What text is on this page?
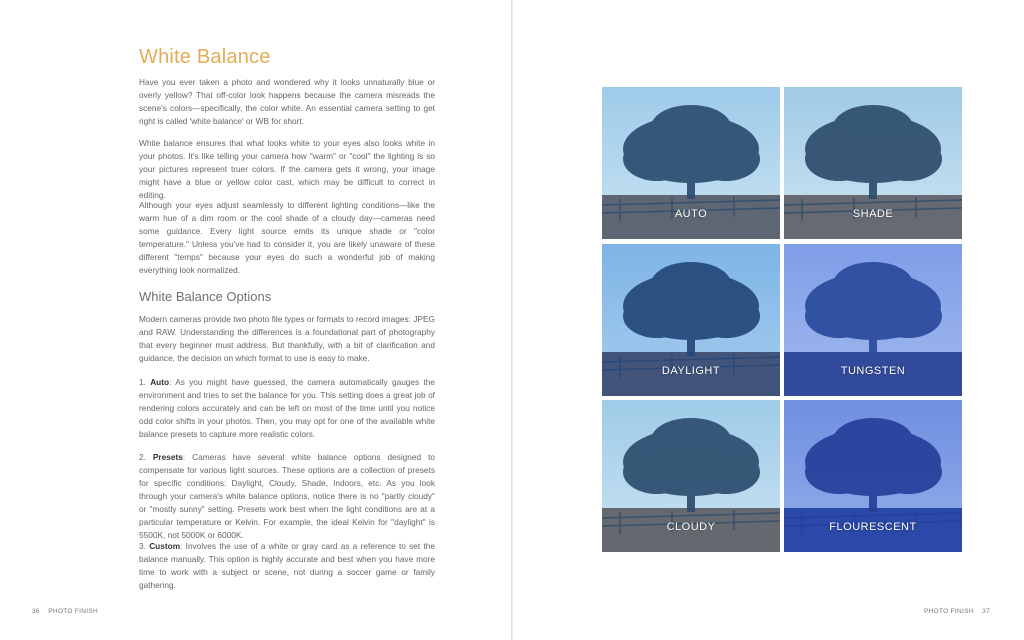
White Balance

Have you ever taken a photo and wondered why it looks unnaturally blue or overly yellow? That off-color look happens because the camera misreads the scene's colors—specifically, the color white. An essential camera setting to get right is called 'white balance' or WB for short.

White balance ensures that what looks white to your eyes also looks white in your photos. It's like telling your camera how "warm" or "cool" the lighting is so your pictures represent truer colors. If the camera gets it wrong, your image might have a blue or yellow color cast, which may be difficult to correct in editing.

Although your eyes adjust seamlessly to different lighting conditions—like the warm hue of a dim room or the cool shade of a cloudy day—cameras need some guidance. Every light source emits its unique shade or "color temperature." Unless you've had to consider it, you are likely unaware of these different "temps" because your eyes do such a wonderful job of making everything look normalized.

White Balance Options

Modern cameras provide two photo file types or formats to record images: JPEG and RAW. Understanding the differences is a foundational part of photography that every beginner must address. But thankfully, with a bit of clarification and guidance, the decision on which format to use is easy to make.

1. Auto: As you might have guessed, the camera automatically gauges the environment and tries to set the balance for you. This setting does a great job of rendering colors accurately and can be left on most of the time until you notice odd color shifts in your photos. Then, you may opt for one of the available white balance presets to capture more realistic colors.

2. Presets: Cameras have several white balance options designed to compensate for various light sources. These options are a collection of presets for specific conditions: Daylight, Cloudy, Shade, Indoors, etc. As you look through your camera's white balance options, notice there is no "partly cloudy" or "mostly sunny" setting. Presets work best when the light conditions are at a particular temperature or Kelvin. For example, the ideal Kelvin for "daylight" is 5500K, not 5000K or 6000K.

3. Custom: Involves the use of a white or gray card as a reference to set the balance manually. This option is highly accurate and best when you have more time to work with a subject or scene, not during a soccer game or family gathering.

36 PHOTO FINISH
AUTO	SHADE
DAYLIGHT	TUNGSTEN
CLOUDY	FLOURESCENT
PHOTO FINISH 37
